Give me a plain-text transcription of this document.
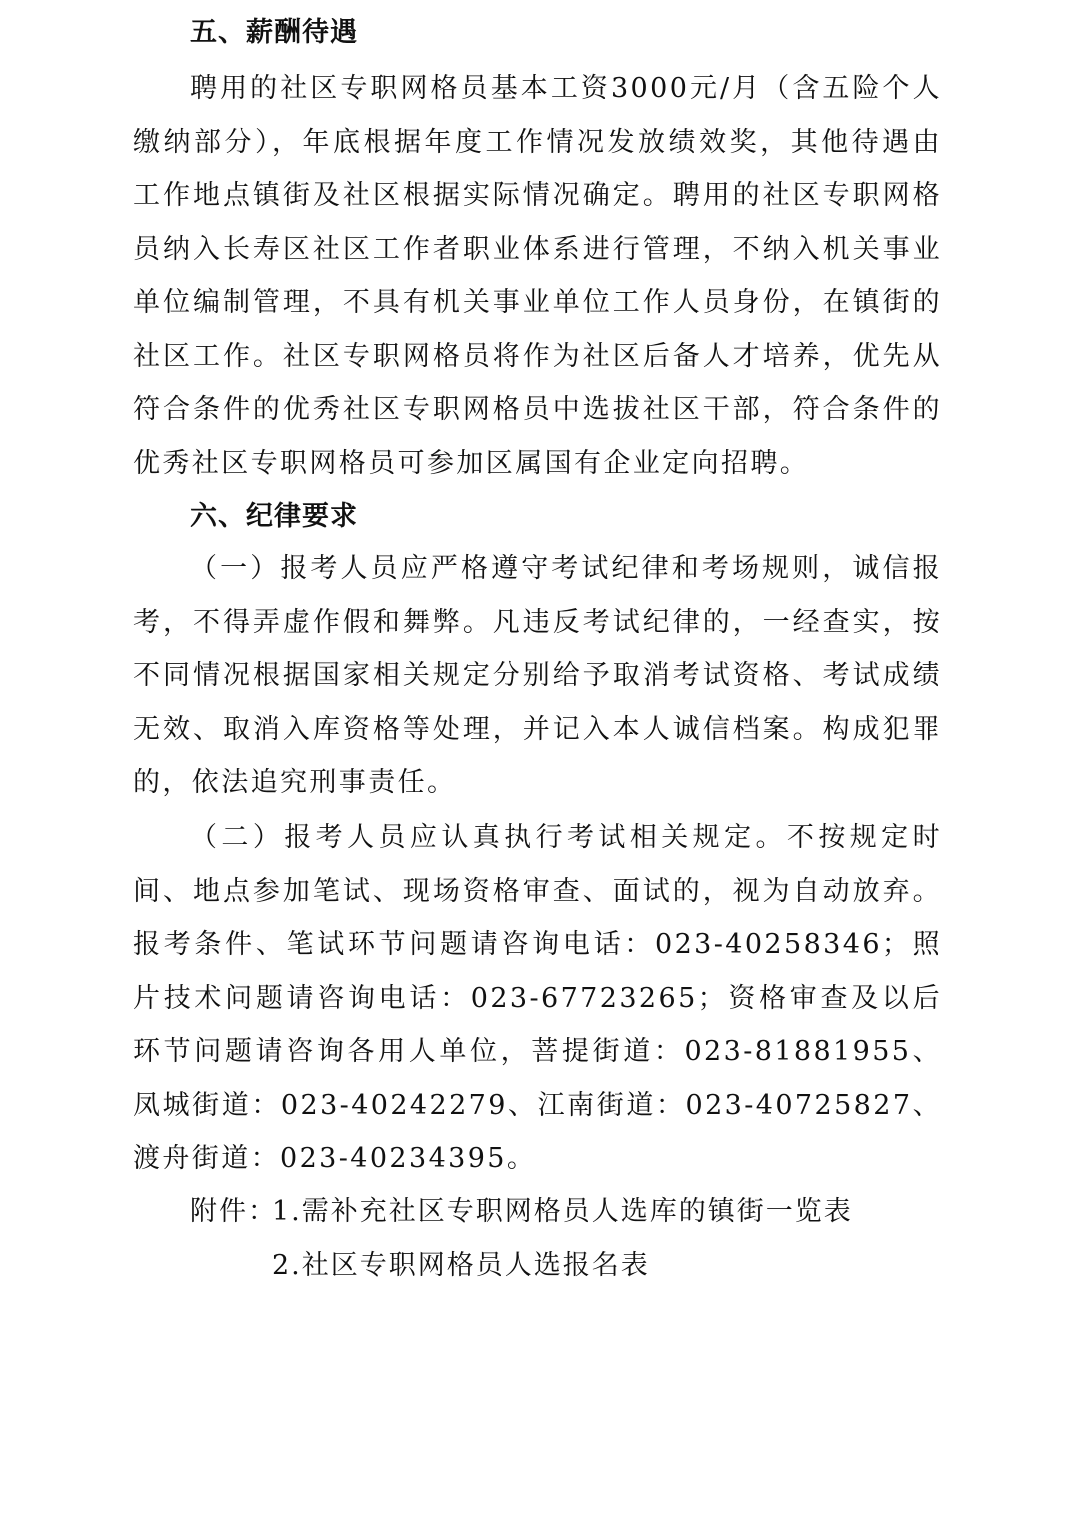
五、薪酬待遇

聘用的社区专职网格员基本工资3000元/月（含五险个人缴纳部分），年底根据年度工作情况发放绩效奖，其他待遇由工作地点镇街及社区根据实际情况确定。聘用的社区专职网格员纳入长寿区社区工作者职业体系进行管理，不纳入机关事业单位编制管理，不具有机关事业单位工作人员身份，在镇街的社区工作。社区专职网格员将作为社区后备人才培养，优先从符合条件的优秀社区专职网格员中选拔社区干部，符合条件的优秀社区专职网格员可参加区属国有企业定向招聘。

六、纪律要求

（一）报考人员应严格遵守考试纪律和考场规则，诚信报考，不得弄虚作假和舞弊。凡违反考试纪律的，一经查实，按不同情况根据国家相关规定分别给予取消考试资格、考试成绩无效、取消入库资格等处理，并记入本人诚信档案。构成犯罪的，依法追究刑事责任。

（二）报考人员应认真执行考试相关规定。不按规定时间、地点参加笔试、现场资格审查、面试的，视为自动放弃。报考条件、笔试环节问题请咨询电话：023-40258346；照片技术问题请咨询电话：023-67723265；资格审查及以后环节问题请咨询各用人单位，菩提街道：023-81881955、凤城街道：023-40242279、江南街道：023-40725827、渡舟街道：023-40234395。

附件：
1.需补充社区专职网格员人选库的镇街一览表
2.社区专职网格员人选报名表
